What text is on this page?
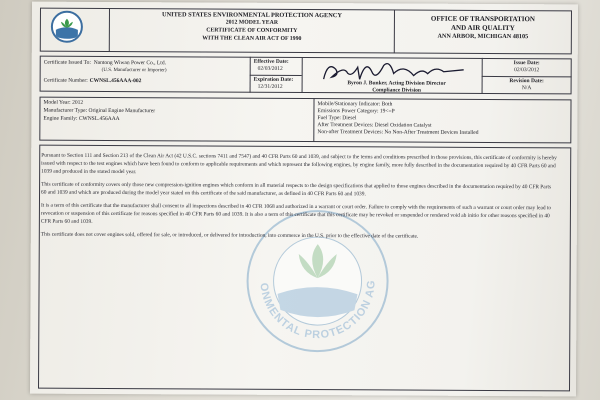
UNITED STATES ENVIRONMENTAL PROTECTION AGENCY
2012 MODEL YEAR
CERTIFICATE OF CONFORMITY
WITH THE CLEAN AIR ACT OF 1990
OFFICE OF TRANSPORTATION
AND AIR QUALITY
ANN ARBOR, MICHIGAN 48105
Certificate Issued To: Nantong Wiwan Power Co., Ltd.
(U.S. Manufacturer or Importer)
Certificate Number: CWNSL.456AAA-002
Effective Date:
02/03/2012
Expiration Date:
12/31/2012
Byron J. Bunker, Acting Division Director
Compliance Division
Issue Date:
02/03/2012
Revision Date:
N/A
Model Year: 2012
Manufacturer Type: Original Engine Manufacturer
Engine Family: CWNSL.456AAA
Mobile/Stationary Indicator: Both
Emissions Power Category: 19<=P
Fuel Type: Diesel
After Treatment Devices: Diesel Oxidation Catalyst
Non-after Treatment Devices: No Non-After Treatment Devices Installed
ENVIRONMENTAL PROTECTION AGENCY
Pursuant to Section 111 and Section 213 of the Clean Air Act (42 U.S.C. sections 7411 and 7547) and 40 CFR Parts 60 and 1039, and subject to the terms and conditions prescribed in those provisions, this certificate of conformity is hereby issued with respect to the test engines which have been found to conform to applicable requirements and which represent the following engines, by engine family, more fully described in the documentation required by 40 CFR Parts 60 and 1039 and produced in the stated model year.
This certificate of conformity covers only those new compression-ignition engines which conform in all material respects to the design specifications that applied to those engines described in the documentation required by 40 CFR Parts 60 and 1039 and which are produced during the model year stated on this certificate of the said manufacturer, as defined in 40 CFR Parts 60 and 1039.
It is a term of this certificate that the manufacturer shall consent to all inspections described in 40 CFR 1068 and authorized in a warrant or court order. Failure to comply with the requirements of such a warrant or court order may lead to revocation or suspension of this certificate for reasons specified in 40 CFR Parts 60 and 1039. It is also a term of this certificate that this certificate may be revoked or suspended or rendered void ab initio for other reasons specified in 40 CFR Parts 60 and 1039.
This certificate does not cover engines sold, offered for sale, or introduced, or delivered for introduction, into commerce in the U.S. prior to the effective date of the certificate.
